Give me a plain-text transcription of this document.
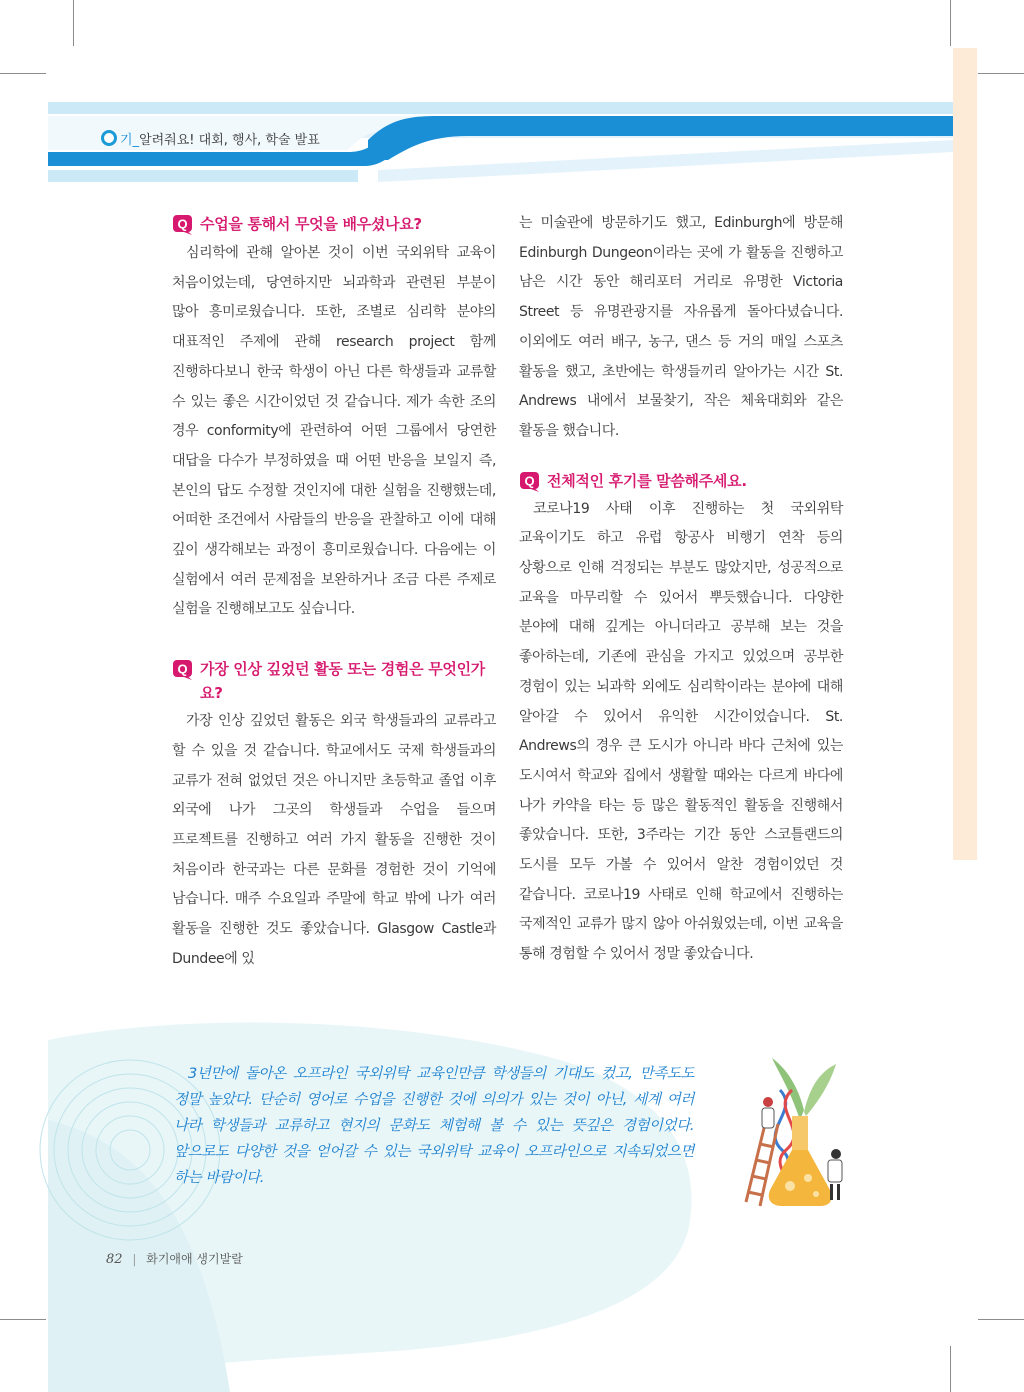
기_알려줘요! 대회, 행사, 학술 발표
Q 수업을 통해서 무엇을 배우셨나요?

심리학에 관해 알아본 것이 이번 국외위탁 교육이 처음이었는데, 당연하지만 뇌과학과 관련된 부분이 많아 흥미로웠습니다. 또한, 조별로 심리학 분야의 대표적인 주제에 관해 research project 함께 진행하다보니 한국 학생이 아닌 다른 학생들과 교류할 수 있는 좋은 시간이었던 것 같습니다. 제가 속한 조의 경우 conformity에 관련하여 어떤 그룹에서 당연한 대답을 다수가 부정하였을 때 어떤 반응을 보일지 즉, 본인의 답도 수정할 것인지에 대한 실험을 진행했는데, 어떠한 조건에서 사람들의 반응을 관찰하고 이에 대해 깊이 생각해보는 과정이 흥미로웠습니다. 다음에는 이 실험에서 여러 문제점을 보완하거나 조금 다른 주제로 실험을 진행해보고도 싶습니다.

Q 가장 인상 깊었던 활동 또는 경험은 무엇인가요?

가장 인상 깊었던 활동은 외국 학생들과의 교류라고 할 수 있을 것 같습니다. 학교에서도 국제 학생들과의 교류가 전혀 없었던 것은 아니지만 초등학교 졸업 이후 외국에 나가 그곳의 학생들과 수업을 들으며 프로젝트를 진행하고 여러 가지 활동을 진행한 것이 처음이라 한국과는 다른 문화를 경험한 것이 기억에 남습니다. 매주 수요일과 주말에 학교 밖에 나가 여러 활동을 진행한 것도 좋았습니다. Glasgow Castle과 Dundee에 있

는 미술관에 방문하기도 했고, Edinburgh에 방문해 Edinburgh Dungeon이라는 곳에 가 활동을 진행하고 남은 시간 동안 해리포터 거리로 유명한 Victoria Street 등 유명관광지를 자유롭게 돌아다녔습니다. 이외에도 여러 배구, 농구, 댄스 등 거의 매일 스포츠 활동을 했고, 초반에는 학생들끼리 알아가는 시간 St. Andrews 내에서 보물찾기, 작은 체육대회와 같은 활동을 했습니다.

Q 전체적인 후기를 말씀해주세요.

코로나19 사태 이후 진행하는 첫 국외위탁 교육이기도 하고 유럽 항공사 비행기 연착 등의 상황으로 인해 걱정되는 부분도 많았지만, 성공적으로 교육을 마무리할 수 있어서 뿌듯했습니다. 다양한 분야에 대해 깊게는 아니더라고 공부해 보는 것을 좋아하는데, 기존에 관심을 가지고 있었으며 공부한 경험이 있는 뇌과학 외에도 심리학이라는 분야에 대해 알아갈 수 있어서 유익한 시간이었습니다. St. Andrews의 경우 큰 도시가 아니라 바다 근처에 있는 도시여서 학교와 집에서 생활할 때와는 다르게 바다에 나가 카약을 타는 등 많은 활동적인 활동을 진행해서 좋았습니다. 또한, 3주라는 기간 동안 스코틀랜드의 도시를 모두 가볼 수 있어서 알찬 경험이었던 것 같습니다. 코로나19 사태로 인해 학교에서 진행하는 국제적인 교류가 많지 않아 아쉬웠었는데, 이번 교육을 통해 경험할 수 있어서 정말 좋았습니다.

3년만에 돌아온 오프라인 국외위탁 교육인만큼 학생들의 기대도 컸고, 만족도도 정말 높았다. 단순히 영어로 수업을 진행한 것에 의의가 있는 것이 아닌, 세계 여러 나라 학생들과 교류하고 현지의 문화도 체험해 볼 수 있는 뜻깊은 경험이었다. 앞으로도 다양한 것을 얻어갈 수 있는 국외위탁 교육이 오프라인으로 지속되었으면 하는 바람이다.

82 | 화기애애 생기발랄
